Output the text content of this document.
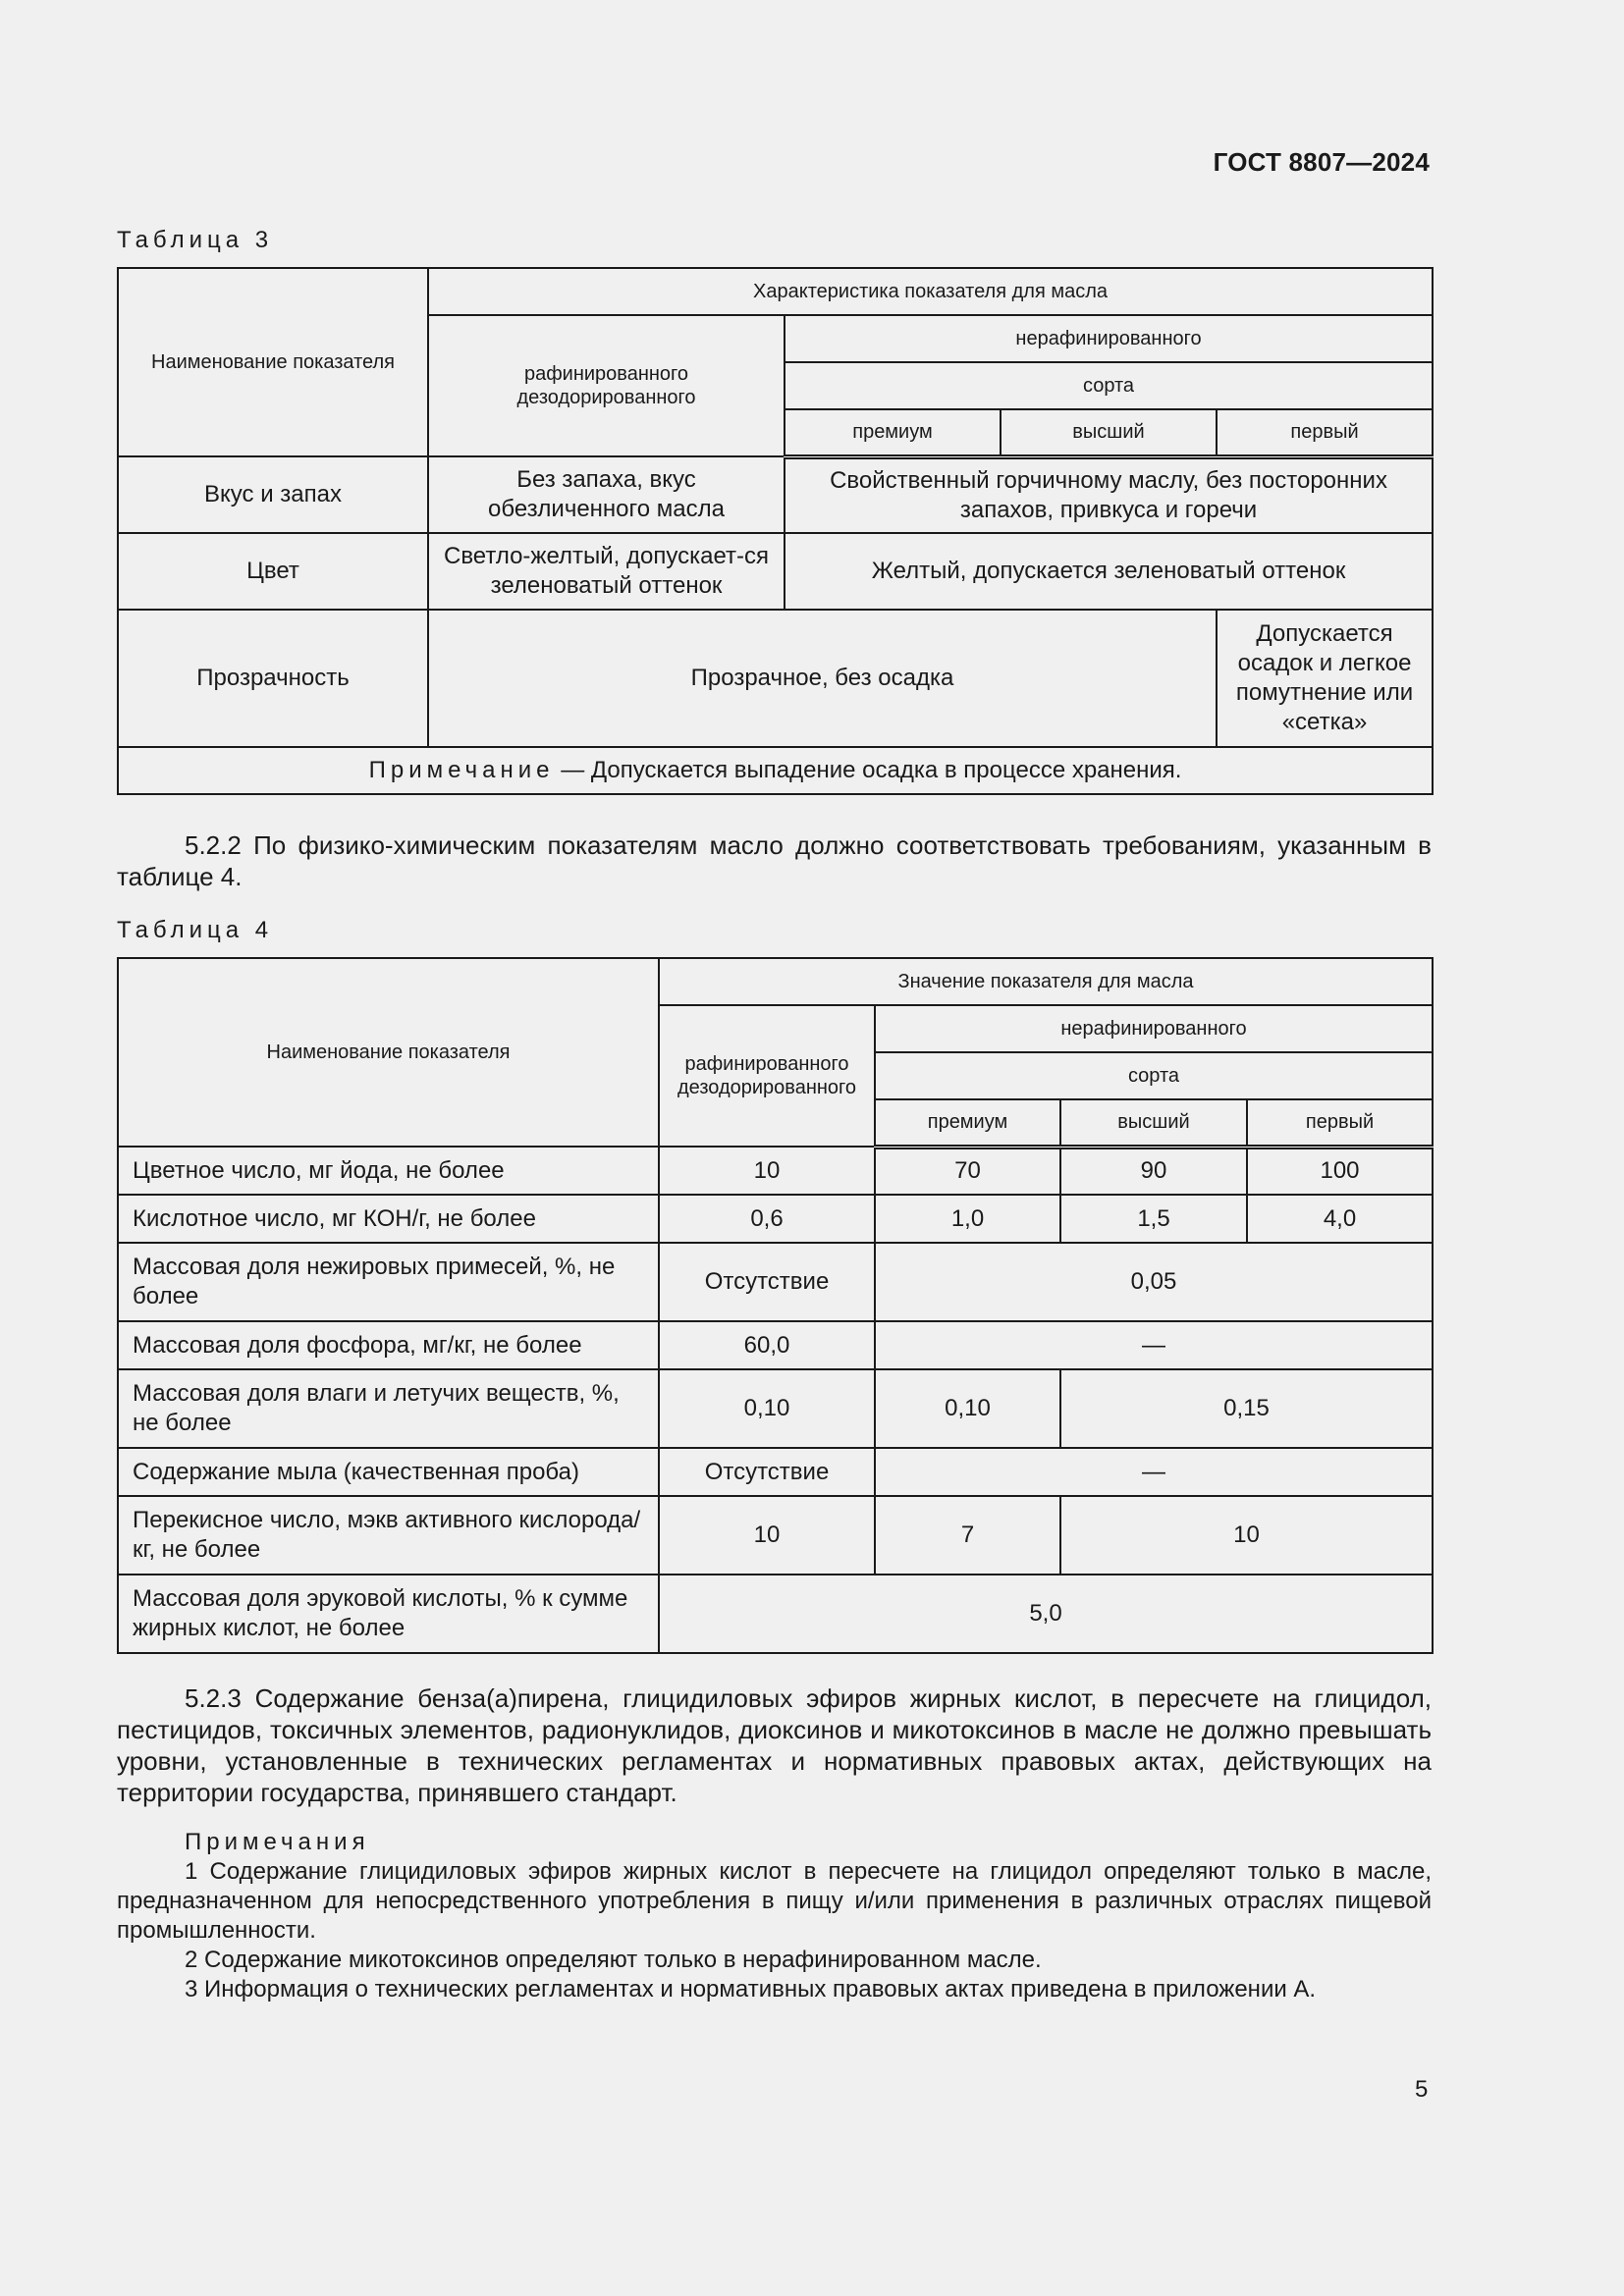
ГОСТ 8807—2024
Таблица 3
Наименование показателя	Характеристика показателя для масла			
	рафинированного дезодорированного	нерафинированного		
		сорта		
		премиум	высший	первый
Вкус и запах	Без запаха, вкус обезличенного масла	Свойственный горчичному маслу, без посторонних запахов, привкуса и горечи		
Цвет	Светло-желтый, допускает-ся зеленоватый оттенок	Желтый, допускается зеленоватый оттенок		
Прозрачность	Прозрачное, без осадка			Допускается осадок и легкое помутнение или «сетка»
Примечание — Допускается выпадение осадка в процессе хранения.				
5.2.2 По физико-химическим показателям масло должно соответствовать требованиям, указанным в таблице 4.
Таблица 4
Наименование показателя	Значение показателя для масла			
	рафинированного дезодорированного	нерафинированного		
		сорта		
		премиум	высший	первый
Цветное число, мг йода, не более	10	70	90	100
Кислотное число, мг КОН/г, не более	0,6	1,0	1,5	4,0
Массовая доля нежировых примесей, %, не более	Отсутствие	0,05		
Массовая доля фосфора, мг/кг, не более	60,0	—		
Массовая доля влаги и летучих веществ, %, не более	0,10	0,10	0,15	
Содержание мыла (качественная проба)	Отсутствие	—		
Перекисное число, мэкв активного кислорода/кг, не более	10	7	10	
Массовая доля эруковой кислоты, % к сумме жирных кислот, не более	5,0			
5.2.3 Содержание бенза(а)пирена, глицидиловых эфиров жирных кислот, в пересчете на глицидол, пестицидов, токсичных элементов, радионуклидов, диоксинов и микотоксинов в масле не должно превышать уровни, установленные в технических регламентах и нормативных правовых актах, действующих на территории государства, принявшего стандарт.
Примечания
1 Содержание глицидиловых эфиров жирных кислот в пересчете на глицидол определяют только в масле, предназначенном для непосредственного употребления в пищу и/или применения в различных отраслях пищевой промышленности.
2 Содержание микотоксинов определяют только в нерафинированном масле.
3 Информация о технических регламентах и нормативных правовых актах приведена в приложении А.
5
